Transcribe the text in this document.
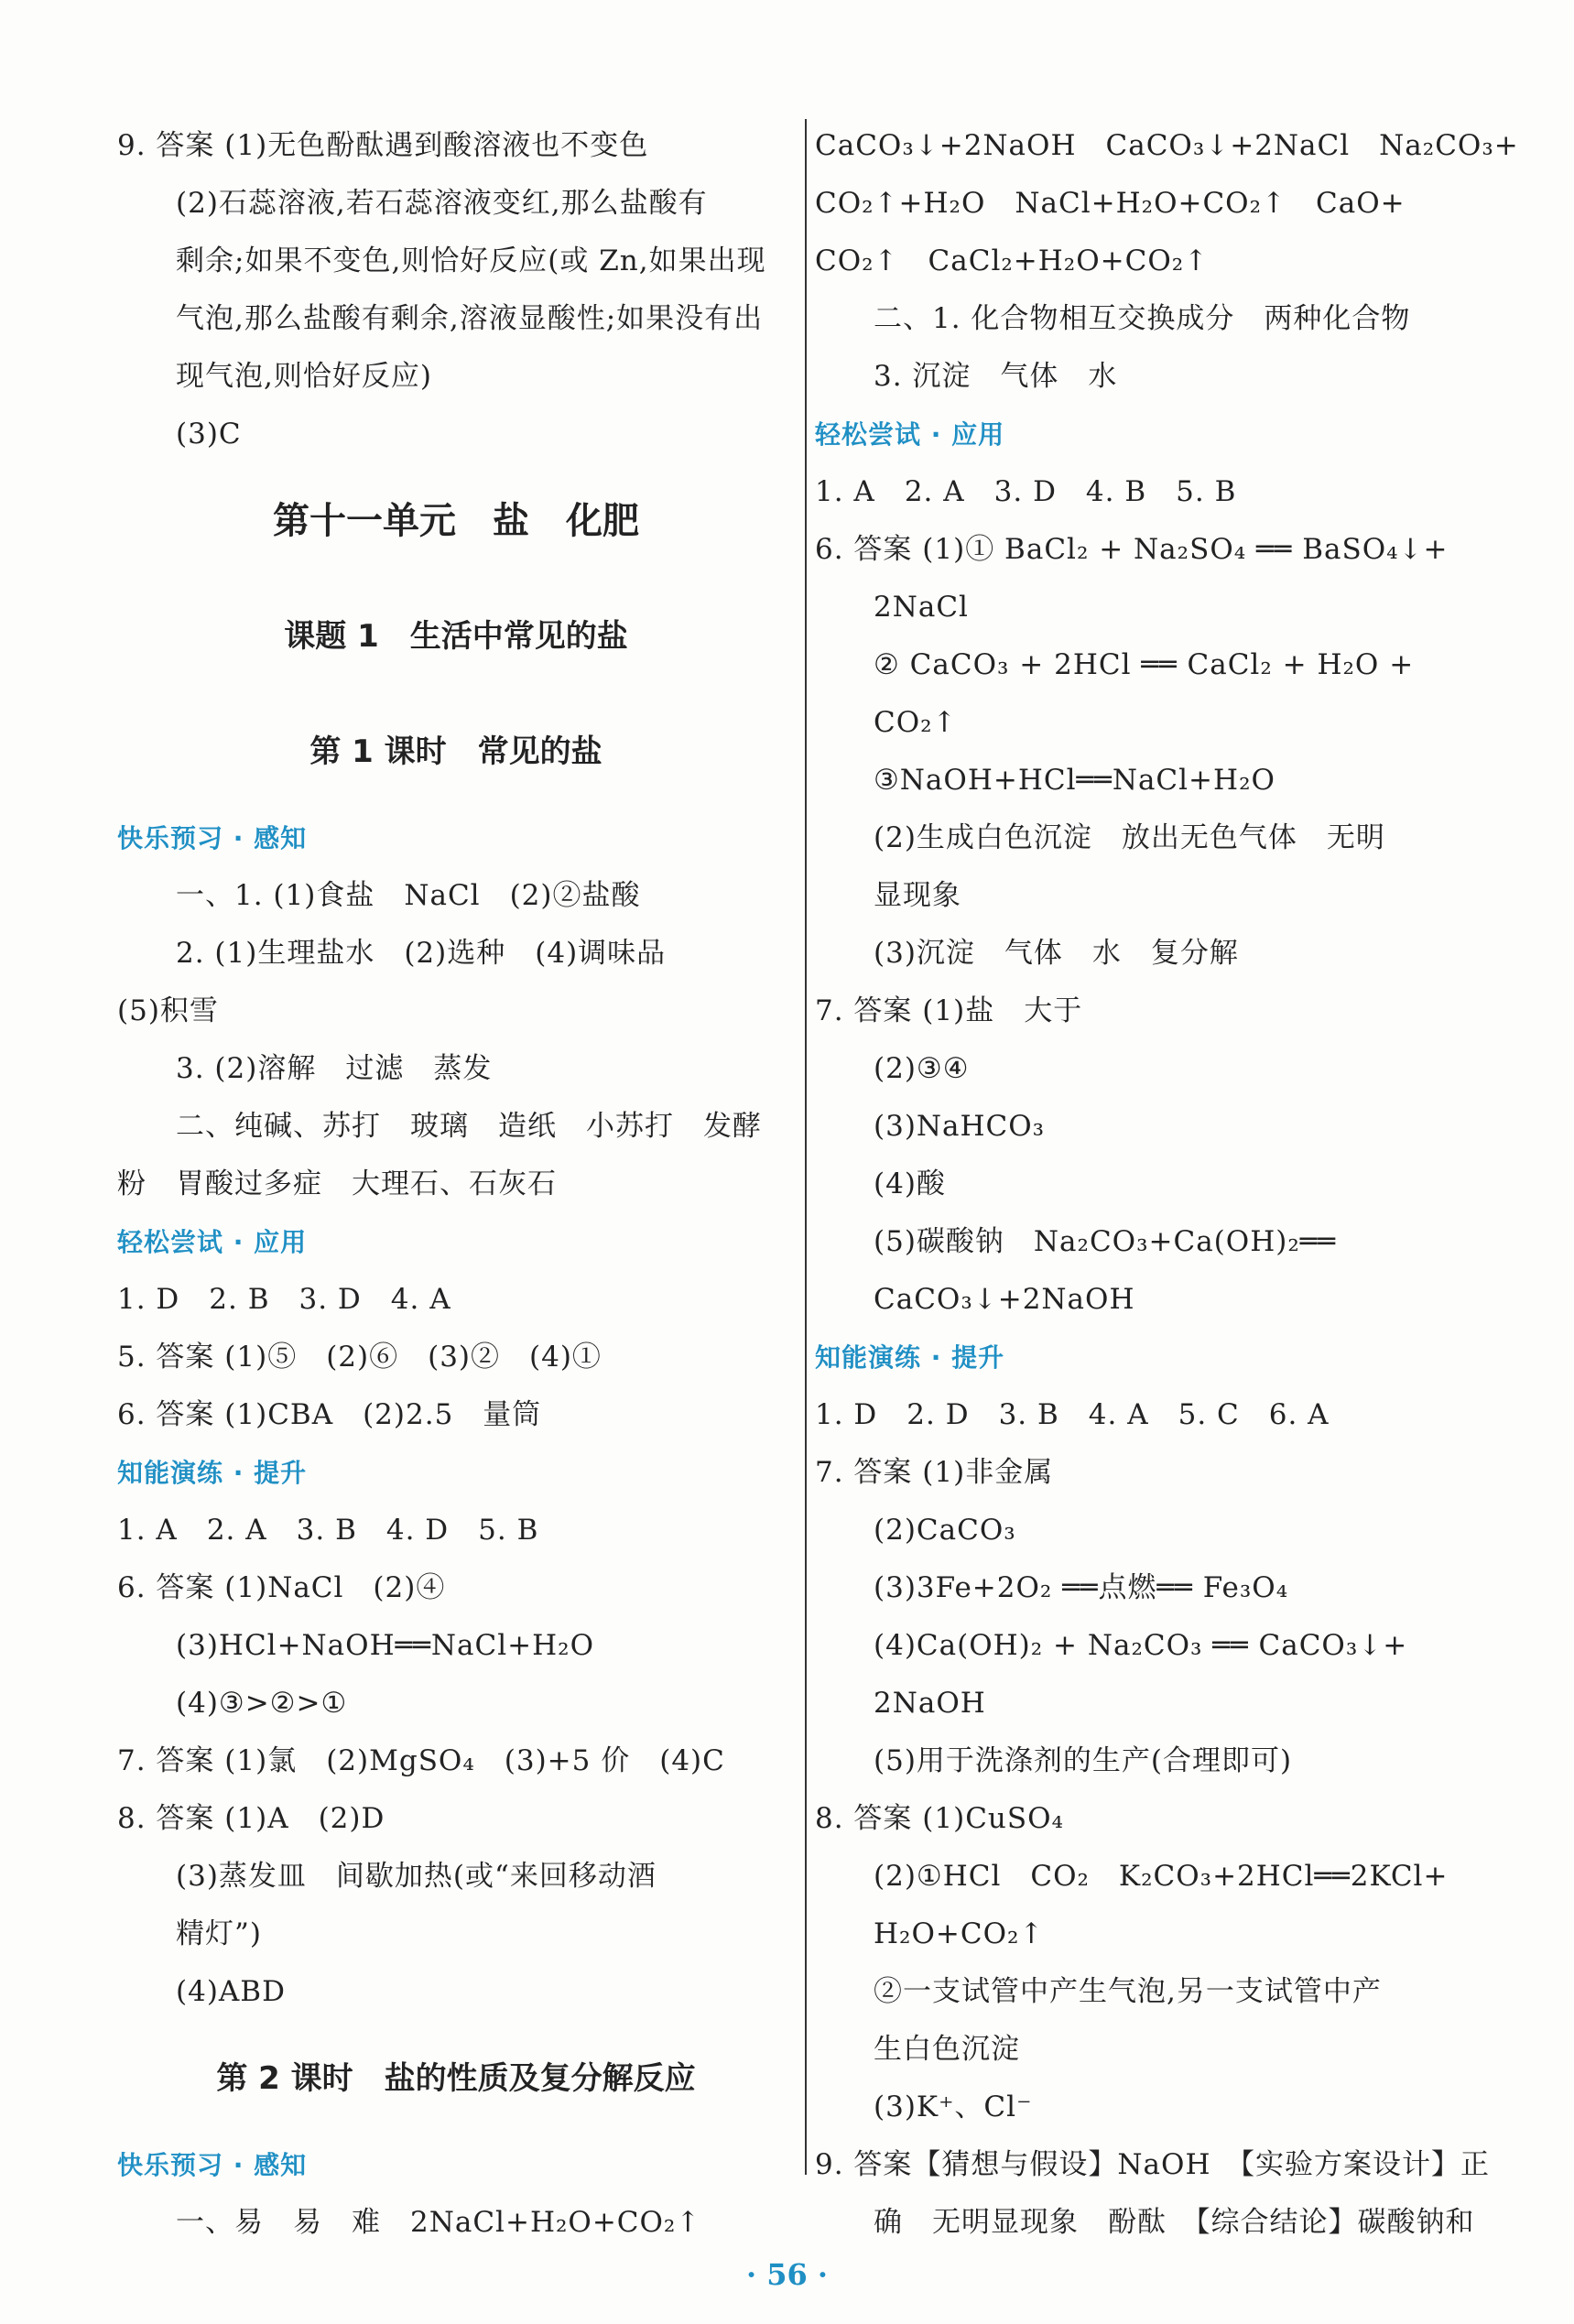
9. 答案 (1)无色酚酞遇到酸溶液也不变色
(2)石蕊溶液,若石蕊溶液变红,那么盐酸有
剩余;如果不变色,则恰好反应(或 Zn,如果出现
气泡,那么盐酸有剩余,溶液显酸性;如果没有出
现气泡,则恰好反应)
(3)C
第十一单元　盐　化肥
课题 1　生活中常见的盐
第 1 课时　常见的盐
快乐预习 · 感知
一、1. (1)食盐　NaCl　(2)②盐酸
2. (1)生理盐水　(2)选种　(4)调味品
(5)积雪
3. (2)溶解　过滤　蒸发
二、纯碱、苏打　玻璃　造纸　小苏打　发酵
粉　胃酸过多症　大理石、石灰石
轻松尝试 · 应用
1. D　2. B　3. D　4. A
5. 答案 (1)⑤　(2)⑥　(3)②　(4)①
6. 答案 (1)CBA　(2)2.5　量筒
知能演练 · 提升
1. A　2. A　3. B　4. D　5. B
6. 答案 (1)NaCl　(2)④
(3)HCl+NaOH══NaCl+H₂O
(4)③>②>①
7. 答案 (1)氯　(2)MgSO₄　(3)+5 价　(4)C
8. 答案 (1)A　(2)D
(3)蒸发皿　间歇加热(或“来回移动酒
精灯”)
(4)ABD
第 2 课时　盐的性质及复分解反应
快乐预习 · 感知
一、易　易　难　2NaCl+H₂O+CO₂↑
CaCO₃↓+2NaOH　CaCO₃↓+2NaCl　Na₂CO₃+
CO₂↑+H₂O　NaCl+H₂O+CO₂↑　CaO+
CO₂↑　CaCl₂+H₂O+CO₂↑
二、1. 化合物相互交换成分　两种化合物
3. 沉淀　气体　水
轻松尝试 · 应用
1. A　2. A　3. D　4. B　5. B
6. 答案 (1)① BaCl₂ + Na₂SO₄ ══ BaSO₄↓+
2NaCl
② CaCO₃ + 2HCl ══ CaCl₂ + H₂O +
CO₂↑
③NaOH+HCl══NaCl+H₂O
(2)生成白色沉淀　放出无色气体　无明
显现象
(3)沉淀　气体　水　复分解
7. 答案 (1)盐　大于
(2)③④
(3)NaHCO₃
(4)酸
(5)碳酸钠　Na₂CO₃+Ca(OH)₂══
CaCO₃↓+2NaOH
知能演练 · 提升
1. D　2. D　3. B　4. A　5. C　6. A
7. 答案 (1)非金属
(2)CaCO₃
(3)3Fe+2O₂ ══点燃══ Fe₃O₄
(4)Ca(OH)₂ + Na₂CO₃ ══ CaCO₃↓+
2NaOH
(5)用于洗涤剂的生产(合理即可)
8. 答案 (1)CuSO₄
(2)①HCl　CO₂　K₂CO₃+2HCl══2KCl+
H₂O+CO₂↑
②一支试管中产生气泡,另一支试管中产
生白色沉淀
(3)K⁺、Cl⁻
9. 答案【猜想与假设】NaOH　【实验方案设计】正
确　无明显现象　酚酞　【综合结论】碳酸钠和
· 56 ·
